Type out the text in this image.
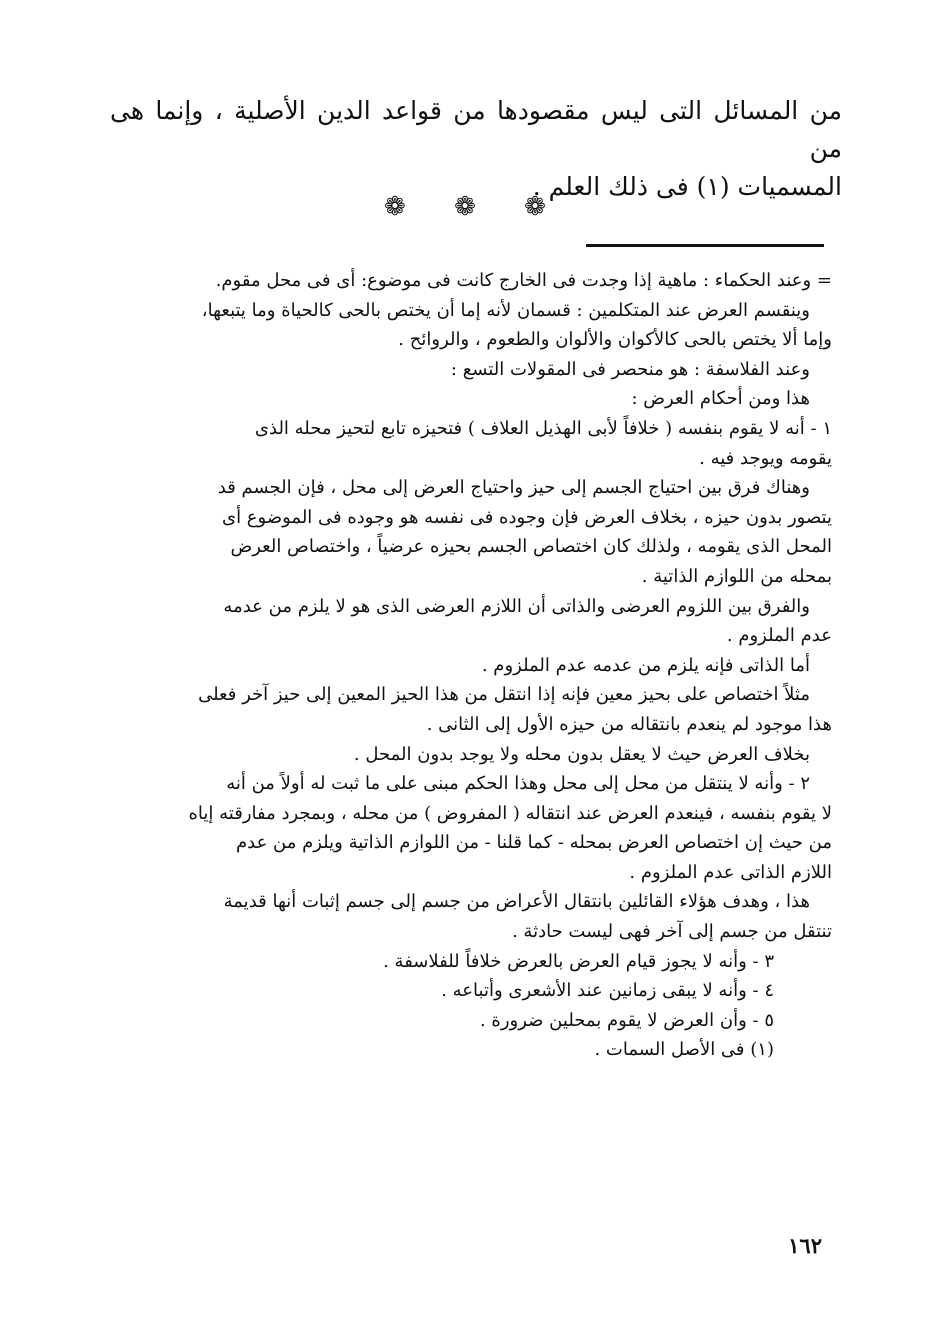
من المسائل التى ليس مقصودها من قواعد الدين الأصلية ، وإنما هى من
المسميات (١) فى ذلك العلم .
❁ ❁ ❁

= وعند الحكماء : ماهية إذا وجدت فى الخارج كانت فى موضوع: أى فى محل مقوم.

وينقسم العرض عند المتكلمين : قسمان لأنه إما أن يختص بالحى كالحياة وما يتبعها،

وإما ألا يختص بالحى كالأكوان والألوان والطعوم ، والروائح .

وعند الفلاسفة : هو منحصر فى المقولات التسع :

هذا ومن أحكام العرض :

١ - أنه لا يقوم بنفسه ( خلافاً لأبى الهذيل العلاف ) فتحيزه تابع لتحيز محله الذى

يقومه ويوجد فيه .

وهناك فرق بين احتياج الجسم إلى حيز واحتياج العرض إلى محل ، فإن الجسم قد

يتصور بدون حيزه ، بخلاف العرض فإن وجوده فى نفسه هو وجوده فى الموضوع أى

المحل الذى يقومه ، ولذلك كان اختصاص الجسم بحيزه عرضياً ، واختصاص العرض

بمحله من اللوازم الذاتية .

والفرق بين اللزوم العرضى والذاتى أن اللازم العرضى الذى هو لا يلزم من عدمه

عدم الملزوم .

أما الذاتى فإنه يلزم من عدمه عدم الملزوم .

مثلاً اختصاص على بحيز معين فإنه إذا انتقل من هذا الحيز المعين إلى حيز آخر فعلى

هذا موجود لم ينعدم بانتقاله من حيزه الأول إلى الثانى .

بخلاف العرض حيث لا يعقل بدون محله ولا يوجد بدون المحل .

٢ - وأنه لا ينتقل من محل إلى محل وهذا الحكم مبنى على ما ثبت له أولاً من أنه

لا يقوم بنفسه ، فينعدم العرض عند انتقاله ( المفروض ) من محله ، وبمجرد مفارقته إياه

من حيث إن اختصاص العرض بمحله - كما قلنا - من اللوازم الذاتية ويلزم من عدم

اللازم الذاتى عدم الملزوم .

هذا ، وهدف هؤلاء القائلين بانتقال الأعراض من جسم إلى جسم إثبات أنها قديمة

تنتقل من جسم إلى آخر فهى ليست حادثة .

٣ - وأنه لا يجوز قيام العرض بالعرض خلافاً للفلاسفة .

٤ - وأنه لا يبقى زمانين عند الأشعرى وأتباعه .

٥ - وأن العرض لا يقوم بمحلين ضرورة .

(١) فى الأصل السمات .

١٦٢
